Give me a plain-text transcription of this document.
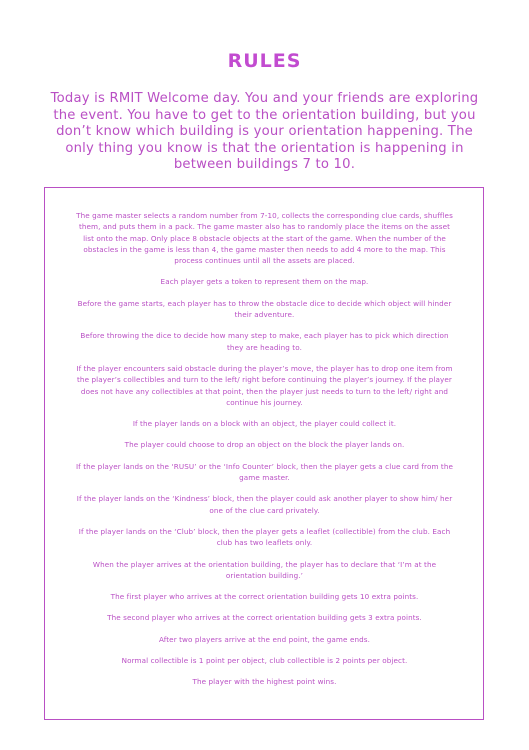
RULES
Today is RMIT Welcome day. You and your friends are exploring the event. You have to get to the orientation building, but you don’t know which building is your orientation happening. The only thing you know is that the orientation is happening in between buildings 7 to 10.

The game master selects a random number from 7-10, collects the corresponding clue cards, shuffles them, and puts them in a pack. The game master also has to randomly place the items on the asset list onto the map. Only place 8 obstacle objects at the start of the game. When the number of the obstacles in the game is less than 4, the game master then needs to add 4 more to the map. This process continues until all the assets are placed.

Each player gets a token to represent them on the map.

Before the game starts, each player has to throw the obstacle dice to decide which object will hinder their adventure.

Before throwing the dice to decide how many step to make, each player has to pick which direction they are heading to.

If the player encounters said obstacle during the player’s move, the player has to drop one item from the player’s collectibles and turn to the left/ right before continuing the player’s journey. If the player does not have any collectibles at that point, then the player just needs to turn to the left/ right and continue his journey.

If the player lands on a block with an object, the player could collect it.

The player could choose to drop an object on the block the player lands on.

If the player lands on the ‘RUSU’ or the ‘Info Counter’ block, then the player gets a clue card from the game master.

If the player lands on the ‘Kindness’ block, then the player could ask another player to show him/ her one of the clue card privately.

If the player lands on the ‘Club’ block, then the player gets a leaflet (collectible) from the club. Each club has two leaflets only.

When the player arrives at the orientation building, the player has to declare that ‘I’m at the orientation building.’

The first player who arrives at the correct orientation building gets 10 extra points.

The second player who arrives at the correct orientation building gets 3 extra points.

After two players arrive at the end point, the game ends.

Normal collectible is 1 point per object, club collectible is 2 points per object.

The player with the highest point wins.
